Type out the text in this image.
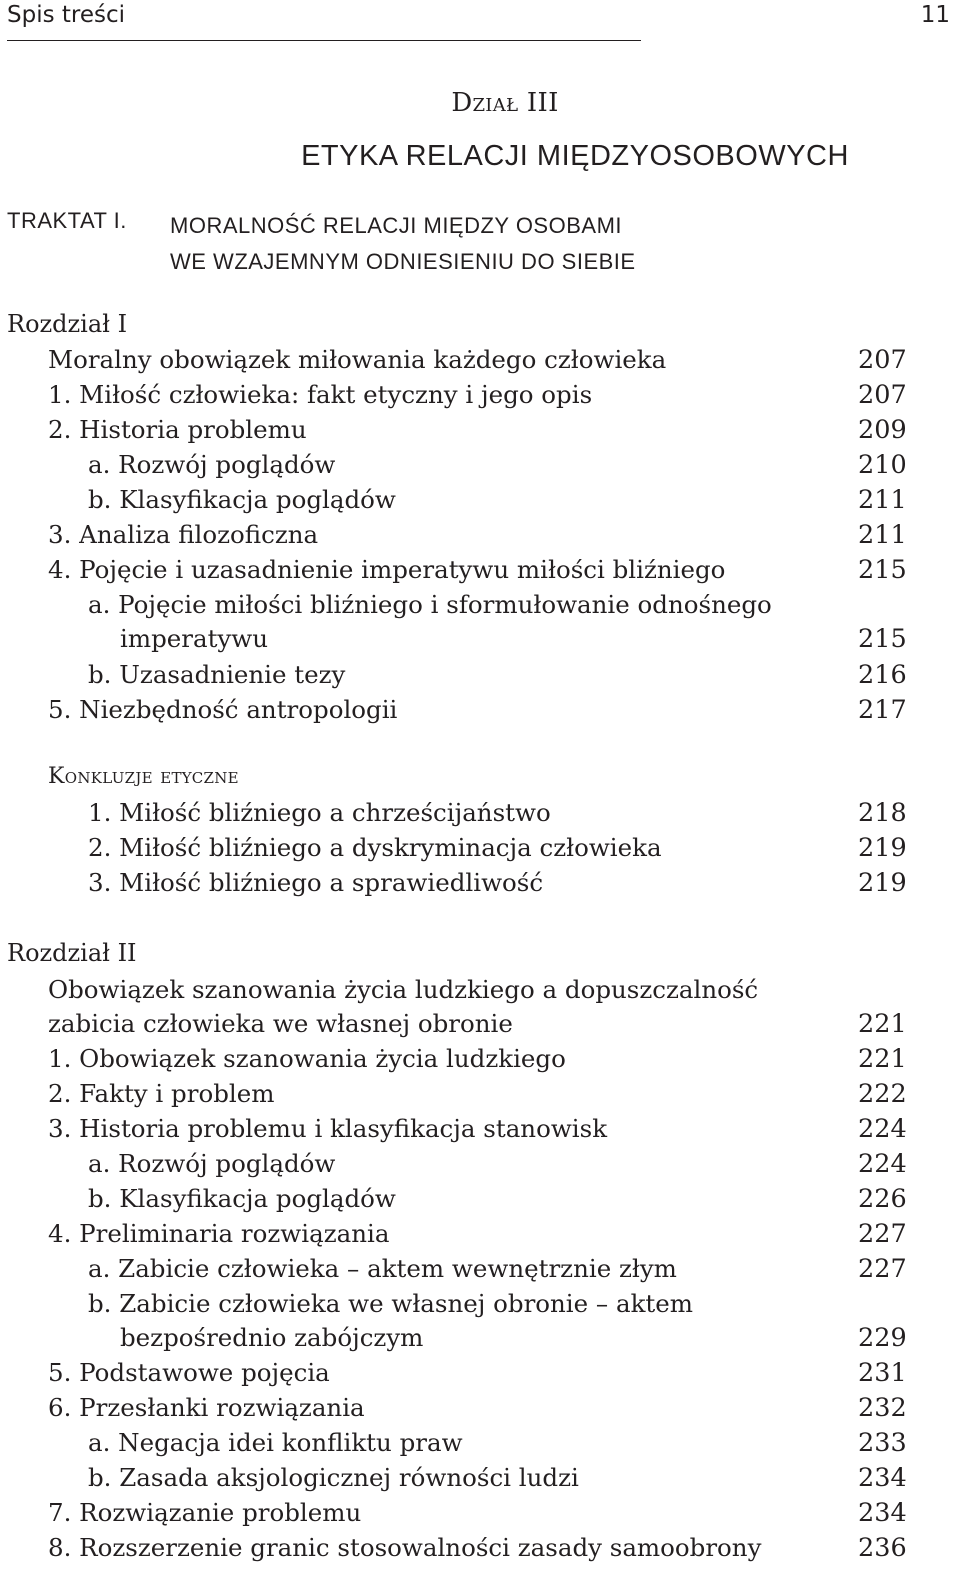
Spis treści	11
Dział III
ETYKA RELACJI MIĘDZYOSOBOWYCH
TRAKTAT I. MORALNOŚĆ RELACJI MIĘDZY OSOBAMI
WE WZAJEMNYM ODNIESIENIU DO SIEBIE
Rozdział I
Moralny obowiązek miłowania każdego człowieka	207
1. Miłość człowieka: fakt etyczny i jego opis	207
2. Historia problemu	209
a. Rozwój poglądów	210
b. Klasyfikacja poglądów	211
3. Analiza filozoficzna	211
4. Pojęcie i uzasadnienie imperatywu miłości bliźniego	215
a. Pojęcie miłości bliźniego i sformułowanie odnośnego
imperatywu	215
b. Uzasadnienie tezy	216
5. Niezbędność antropologii	217
Konkluzje etyczne
1. Miłość bliźniego a chrześcijaństwo	218
2. Miłość bliźniego a dyskryminacja człowieka	219
3. Miłość bliźniego a sprawiedliwość	219
Rozdział II
Obowiązek szanowania życia ludzkiego a dopuszczalność
zabicia człowieka we własnej obronie	221
1. Obowiązek szanowania życia ludzkiego	221
2. Fakty i problem	222
3. Historia problemu i klasyfikacja stanowisk	224
a. Rozwój poglądów	224
b. Klasyfikacja poglądów	226
4. Preliminaria rozwiązania	227
a. Zabicie człowieka – aktem wewnętrznie złym	227
b. Zabicie człowieka we własnej obronie – aktem
bezpośrednio zabójczym	229
5. Podstawowe pojęcia	231
6. Przesłanki rozwiązania	232
a. Negacja idei konfliktu praw	233
b. Zasada aksjologicznej równości ludzi	234
7. Rozwiązanie problemu	234
8. Rozszerzenie granic stosowalności zasady samoobrony	236
